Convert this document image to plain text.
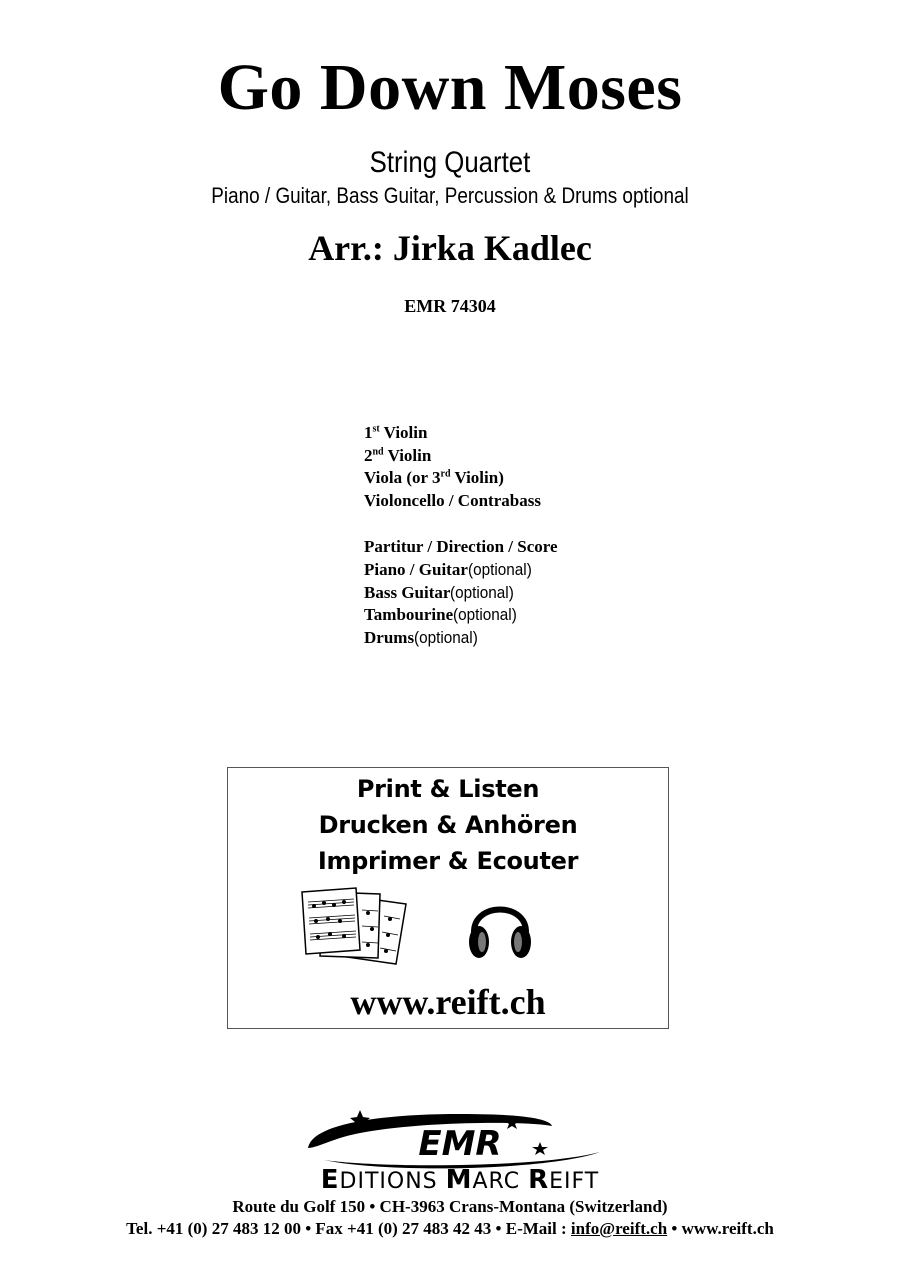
Go Down Moses
String Quartet
Piano / Guitar, Bass Guitar, Percussion & Drums optional
Arr.: Jirka Kadlec
EMR 74304
1st Violin
2nd Violin
Viola (or 3rd Violin)
Violoncello / Contrabass
Partitur / Direction / Score
Piano / Guitar(optional)
Bass Guitar(optional)
Tambourine(optional)
Drums(optional)
Print & Listen
Drucken & Anhören
Imprimer & Ecouter
www.reift.ch
EMR
EDITIONS MARC REIFT
Route du Golf 150 • CH-3963 Crans-Montana (Switzerland)
Tel. +41 (0) 27 483 12 00 • Fax +41 (0) 27 483 42 43 • E-Mail : info@reift.ch • www.reift.ch
